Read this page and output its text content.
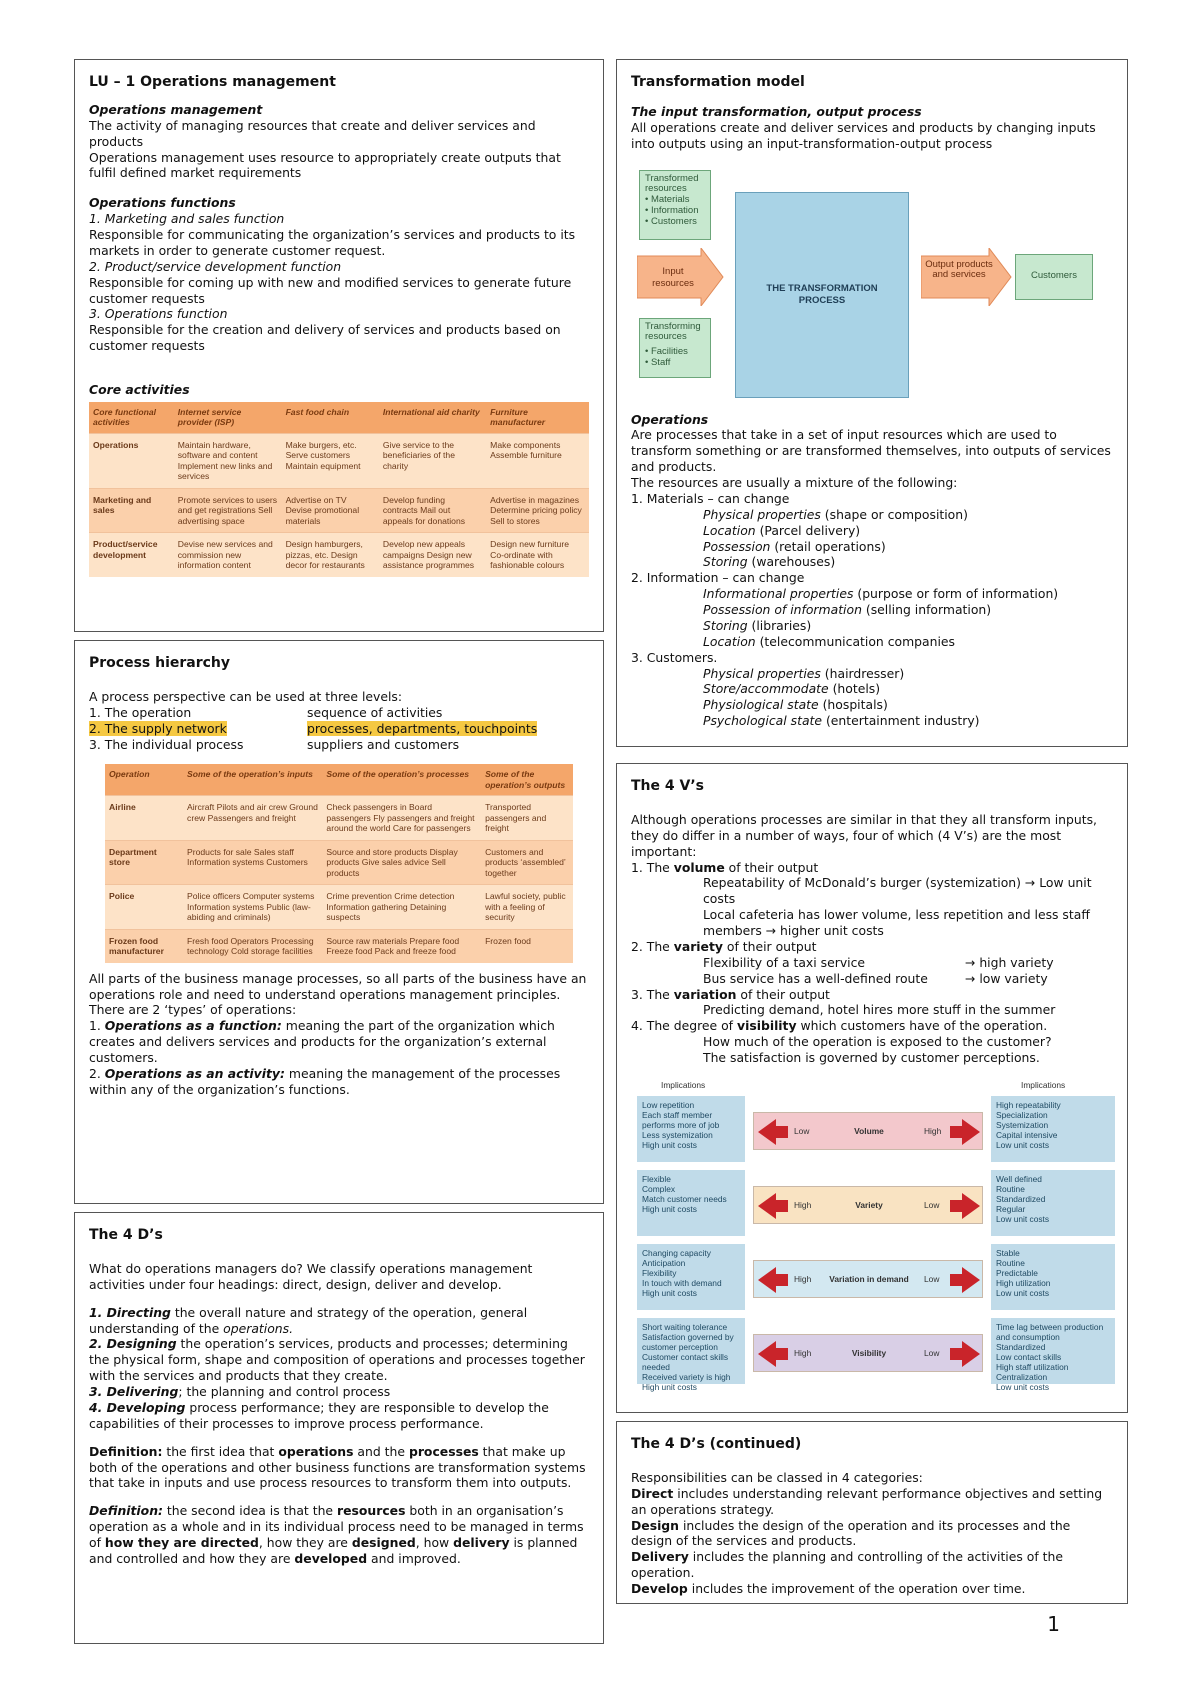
LU – 1 Operations management

Operations management

The activity of managing resources that create and deliver services and products

Operations management uses resource to appropriately create outputs that fulfil defined market requirements

Operations functions

1. Marketing and sales function

Responsible for communicating the organization’s services and products to its markets in order to generate customer request.

2. Product/service development function

Responsible for coming up with new and modified services to generate future customer requests

3. Operations function

Responsible for the creation and delivery of services and products based on customer requests

Core activities

Core functional activities	Internet service provider (ISP)	Fast food chain	International aid charity	Furniture manufacturer
Operations	Maintain hardware, software and content Implement new links and services	Make burgers, etc. Serve customers Maintain equipment	Give service to the beneficiaries of the charity	Make components Assemble furniture
Marketing and sales	Promote services to users and get registrations Sell advertising space	Advertise on TV Devise promotional materials	Develop funding contracts Mail out appeals for donations	Advertise in magazines Determine pricing policy Sell to stores
Product/service development	Devise new services and commission new information content	Design hamburgers, pizzas, etc. Design decor for restaurants	Develop new appeals campaigns Design new assistance programmes	Design new furniture Co-ordinate with fashionable colours
Process hierarchy

A process perspective can be used at three levels:

1. The operation	sequence of activities
2. The supply network	processes, departments, touchpoints
3. The individual process	suppliers and customers
Operation	Some of the operation’s inputs	Some of the operation’s processes	Some of the operation’s outputs
Airline	Aircraft Pilots and air crew Ground crew Passengers and freight	Check passengers in Board passengers Fly passengers and freight around the world Care for passengers	Transported passengers and freight
Department store	Products for sale Sales staff Information systems Customers	Source and store products Display products Give sales advice Sell products	Customers and products ‘assembled’ together
Police	Police officers Computer systems Information systems Public (law-abiding and criminals)	Crime prevention Crime detection Information gathering Detaining suspects	Lawful society, public with a feeling of security
Frozen food manufacturer	Fresh food Operators Processing technology Cold storage facilities	Source raw materials Prepare food Freeze food Pack and freeze food	Frozen food

All parts of the business manage processes, so all parts of the business have an operations role and need to understand operations management principles.

There are 2 ‘types’ of operations:

1. Operations as a function: meaning the part of the organization which creates and delivers services and products for the organization’s external customers.

2. Operations as an activity: meaning the management of the processes within any of the organization’s functions.

The 4 D’s

What do operations managers do? We classify operations management activities under four headings: direct, design, deliver and develop.

1. Directing the overall nature and strategy of the operation, general understanding of the operations.

2. Designing the operation’s services, products and processes; determining the physical form, shape and composition of operations and processes together with the services and products that they create.

3. Delivering; the planning and control process

4. Developing process performance; they are responsible to develop the capabilities of their processes to improve process performance.

Definition: the first idea that operations and the processes that make up both of the operations and other business functions are transformation systems that take in inputs and use process resources to transform them into outputs.

Definition: the second idea is that the resources both in an organisation’s operation as a whole and in its individual process need to be managed in terms of how they are directed, how they are designed, how delivery is planned and controlled and how they are developed and improved.

Transformation model

The input transformation, output process

All operations create and deliver services and products by changing inputs into outputs using an input-transformation-output process

Transformed resources
• Materials
• Information
• Customers
Input resources
Transforming resources
• Facilities
• Staff
THE TRANSFORMATION PROCESS
Output products and services	Customers

Operations

Are processes that take in a set of input resources which are used to transform something or are transformed themselves, into outputs of services and products.

The resources are usually a mixture of the following:

1. Materials – can change

Physical properties (shape or composition)

Location (Parcel delivery)

Possession (retail operations)

Storing (warehouses)

2. Information – can change

Informational properties (purpose or form of information)

Possession of information (selling information)

Storing (libraries)

Location (telecommunication companies

3. Customers.

Physical properties (hairdresser)

Store/accommodate (hotels)

Physiological state (hospitals)

Psychological state (entertainment industry)

The 4 V’s

Although operations processes are similar in that they all transform inputs, they do differ in a number of ways, four of which (4 V’s) are the most important:

1. The volume of their output

Repeatability of McDonald’s burger (systemization) → Low unit costs

Local cafeteria has lower volume, less repetition and less staff members → higher unit costs

2. The variety of their output

Flexibility of a taxi service	→ high variety

Bus service has a well-defined route	→ low variety

3. The variation of their output

Predicting demand, hotel hires more stuff in the summer

4. The degree of visibility which customers have of the operation.

How much of the operation is exposed to the customer?

The satisfaction is governed by customer perceptions.

Implications	Implications
Low repetition
Each staff member performs more of job
Less systemization
High unit costs
High repeatability
Specialization
Systemization
Capital intensive
Low unit costs
Low	Volume	High
Flexible
Complex
Match customer needs
High unit costs
Well defined
Routine
Standardized
Regular
Low unit costs
High	Variety	Low
Changing capacity
Anticipation
Flexibility
In touch with demand
High unit costs
Stable
Routine
Predictable
High utilization
Low unit costs
High	Variation in demand	Low
Short waiting tolerance
Satisfaction governed by customer perception
Customer contact skills needed
Received variety is high
High unit costs
Time lag between production and consumption
Standardized
Low contact skills
High staff utilization
Centralization
Low unit costs
High	Visibility	Low
The 4 D’s (continued)

Responsibilities can be classed in 4 categories:

Direct includes understanding relevant performance objectives and setting an operations strategy.

Design includes the design of the operation and its processes and the design of the services and products.

Delivery includes the planning and controlling of the activities of the operation.

Develop includes the improvement of the operation over time.

1
